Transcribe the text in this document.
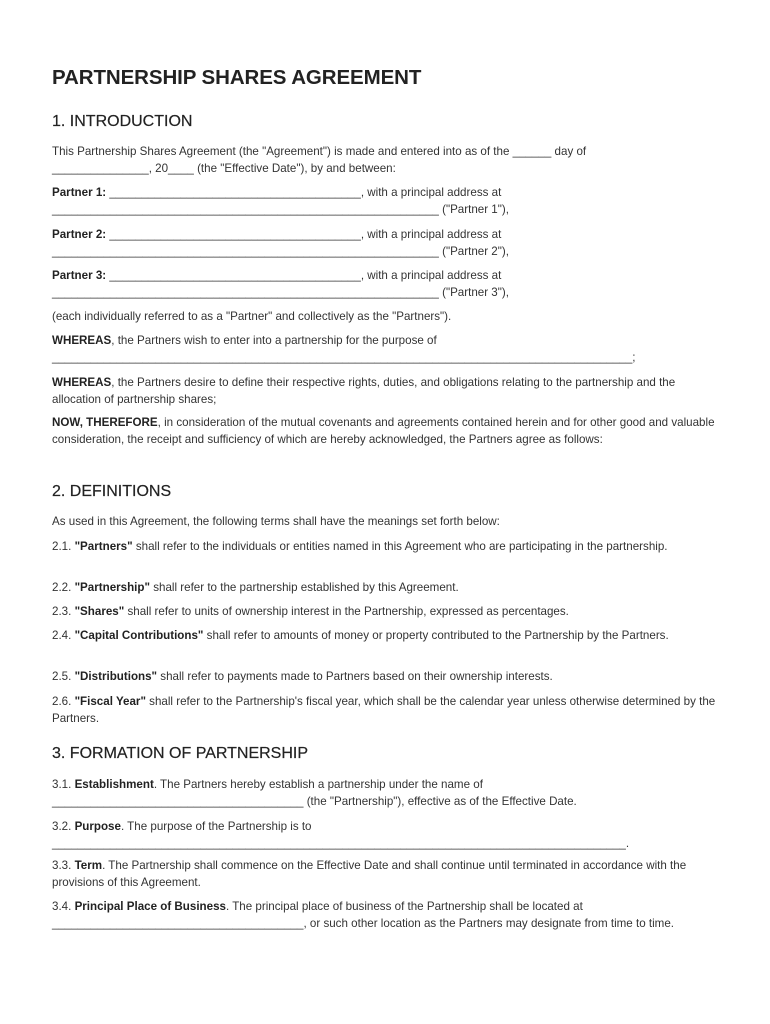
PARTNERSHIP SHARES AGREEMENT
1. INTRODUCTION

This Partnership Shares Agreement (the "Agreement") is made and entered into as of the ______ day of
_______________, 20____ (the "Effective Date"), by and between:

Partner 1: _______________________________________, with a principal address at
____________________________________________________________ ("Partner 1"),

Partner 2: _______________________________________, with a principal address at
____________________________________________________________ ("Partner 2"),

Partner 3: _______________________________________, with a principal address at
____________________________________________________________ ("Partner 3"),

(each individually referred to as a "Partner" and collectively as the "Partners").

WHEREAS, the Partners wish to enter into a partnership for the purpose of
__________________________________________________________________________________________;

WHEREAS, the Partners desire to define their respective rights, duties, and obligations relating to the partnership and the allocation of partnership shares;

NOW, THEREFORE, in consideration of the mutual covenants and agreements contained herein and for other good and valuable consideration, the receipt and sufficiency of which are hereby acknowledged, the Partners agree as follows:

2. DEFINITIONS

As used in this Agreement, the following terms shall have the meanings set forth below:

2.1. "Partners" shall refer to the individuals or entities named in this Agreement who are participating in the partnership.

2.2. "Partnership" shall refer to the partnership established by this Agreement.

2.3. "Shares" shall refer to units of ownership interest in the Partnership, expressed as percentages.

2.4. "Capital Contributions" shall refer to amounts of money or property contributed to the Partnership by the Partners.

2.5. "Distributions" shall refer to payments made to Partners based on their ownership interests.

2.6. "Fiscal Year" shall refer to the Partnership's fiscal year, which shall be the calendar year unless otherwise determined by the Partners.

3. FORMATION OF PARTNERSHIP

3.1. Establishment. The Partners hereby establish a partnership under the name of
_______________________________________ (the "Partnership"), effective as of the Effective Date.

3.2. Purpose. The purpose of the Partnership is to
_________________________________________________________________________________________.

3.3. Term. The Partnership shall commence on the Effective Date and shall continue until terminated in accordance with the provisions of this Agreement.

3.4. Principal Place of Business. The principal place of business of the Partnership shall be located at
_______________________________________, or such other location as the Partners may designate from time to time.
